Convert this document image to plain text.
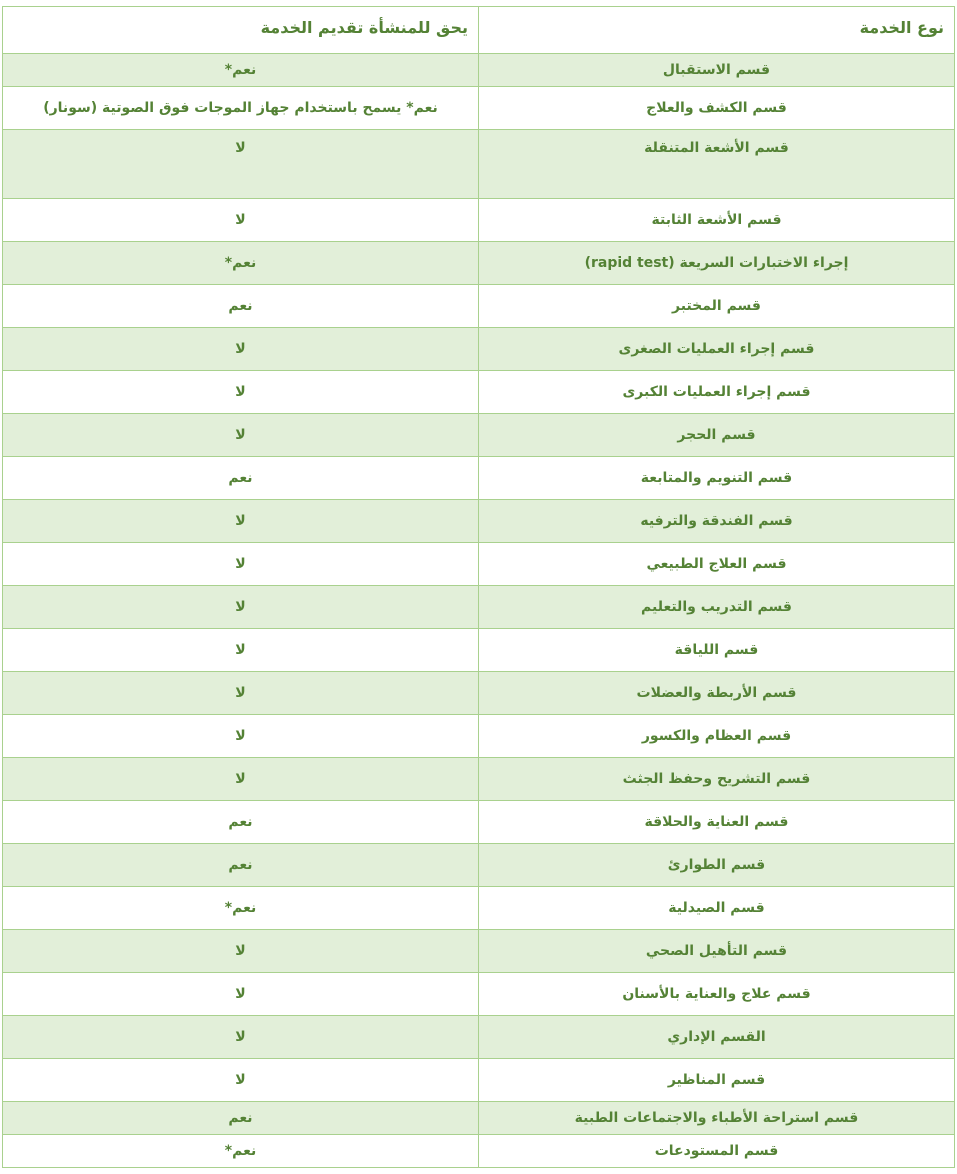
نوع الخدمة	يحق للمنشأة تقديم الخدمة
قسم الاستقبال	نعم*
قسم الكشف والعلاج	نعم* يسمح باستخدام جهاز الموجات فوق الصوتية (سونار)
قسم الأشعة المتنقلة	لا
قسم الأشعة الثابتة	لا
إجراء الاختبارات السريعة (rapid test)	نعم*
قسم المختبر	نعم
قسم إجراء العمليات الصغرى	لا
قسم إجراء العمليات الكبرى	لا
قسم الحجر	لا
قسم التنويم والمتابعة	نعم
قسم الفندقة والترفيه	لا
قسم العلاج الطبيعي	لا
قسم التدريب والتعليم	لا
قسم اللياقة	لا
قسم الأربطة والعضلات	لا
قسم العظام والكسور	لا
قسم التشريح وحفظ الجثث	لا
قسم العناية والحلاقة	نعم
قسم الطوارئ	نعم
قسم الصيدلية	نعم*
قسم التأهيل الصحي	لا
قسم علاج والعناية بالأسنان	لا
القسم الإداري	لا
قسم المناظير	لا
قسم استراحة الأطباء والاجتماعات الطبية	نعم
قسم المستودعات	نعم*
